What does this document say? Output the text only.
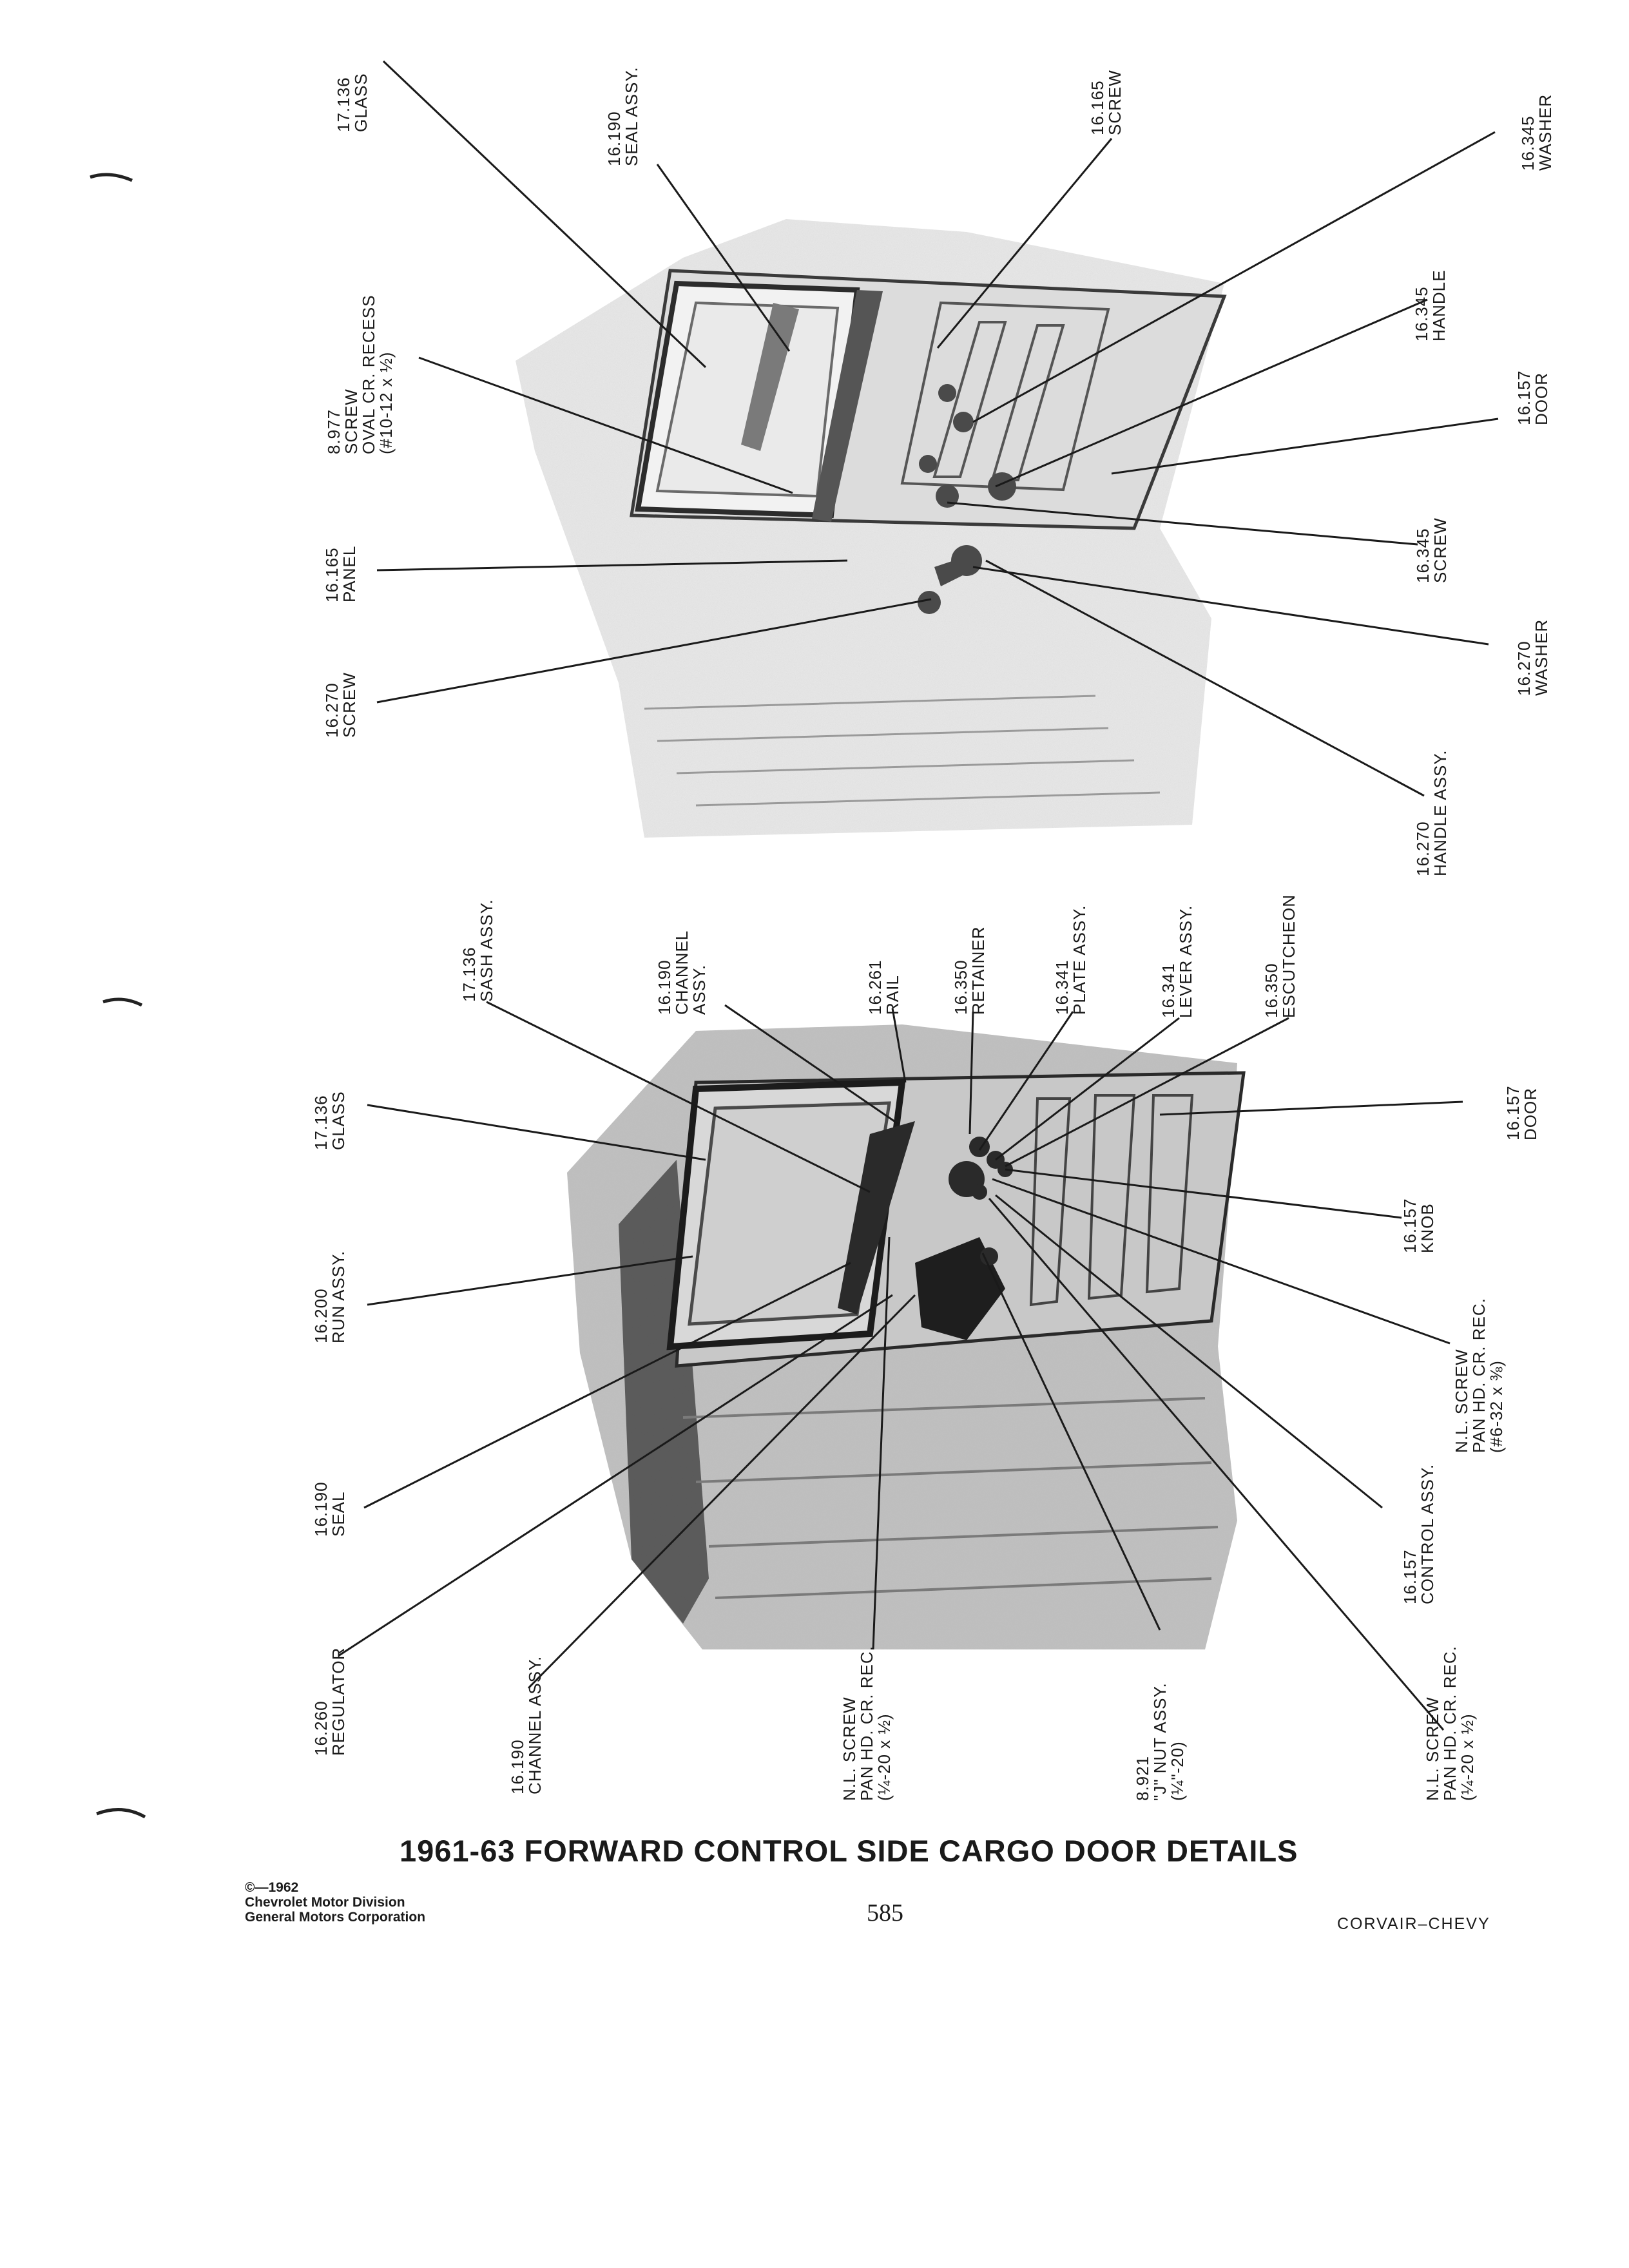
17.136
GLASS
16.190
SEAL ASSY.	16.165
SCREW
16.345
WASHER
8.977
SCREW
OVAL CR. RECESS
(#10-12 x ½)
16.345
HANDLE
16.157
DOOR
16.165
PANEL	16.345
SCREW
16.270
WASHER
16.270
SCREW
16.270
HANDLE ASSY.
17.136
SASH ASSY.	16.190
CHANNEL
ASSY.	16.261
RAIL	16.350
RETAINER	16.341
PLATE ASSY.	16.341
LEVER ASSY.	16.350
ESCUTCHEON
17.136
GLASS	16.157
DOOR
16.157
KNOB
16.200
RUN ASSY.
N.L. SCREW
PAN HD. CR. REC.
(#6-32 x ⅜)
16.190
SEAL
16.157
CONTROL ASSY.
16.260
REGULATOR
16.190
CHANNEL ASSY.	N.L. SCREW
PAN HD. CR. REC.
(¼-20 x ½)	8.921
"J" NUT ASSY.
(¼"-20)	N.L. SCREW
PAN HD. CR. REC.
(¼-20 x ½)
1961-63 FORWARD CONTROL SIDE CARGO DOOR DETAILS
©—1962
Chevrolet Motor Division
General Motors Corporation	585	CORVAIR–CHEVY
